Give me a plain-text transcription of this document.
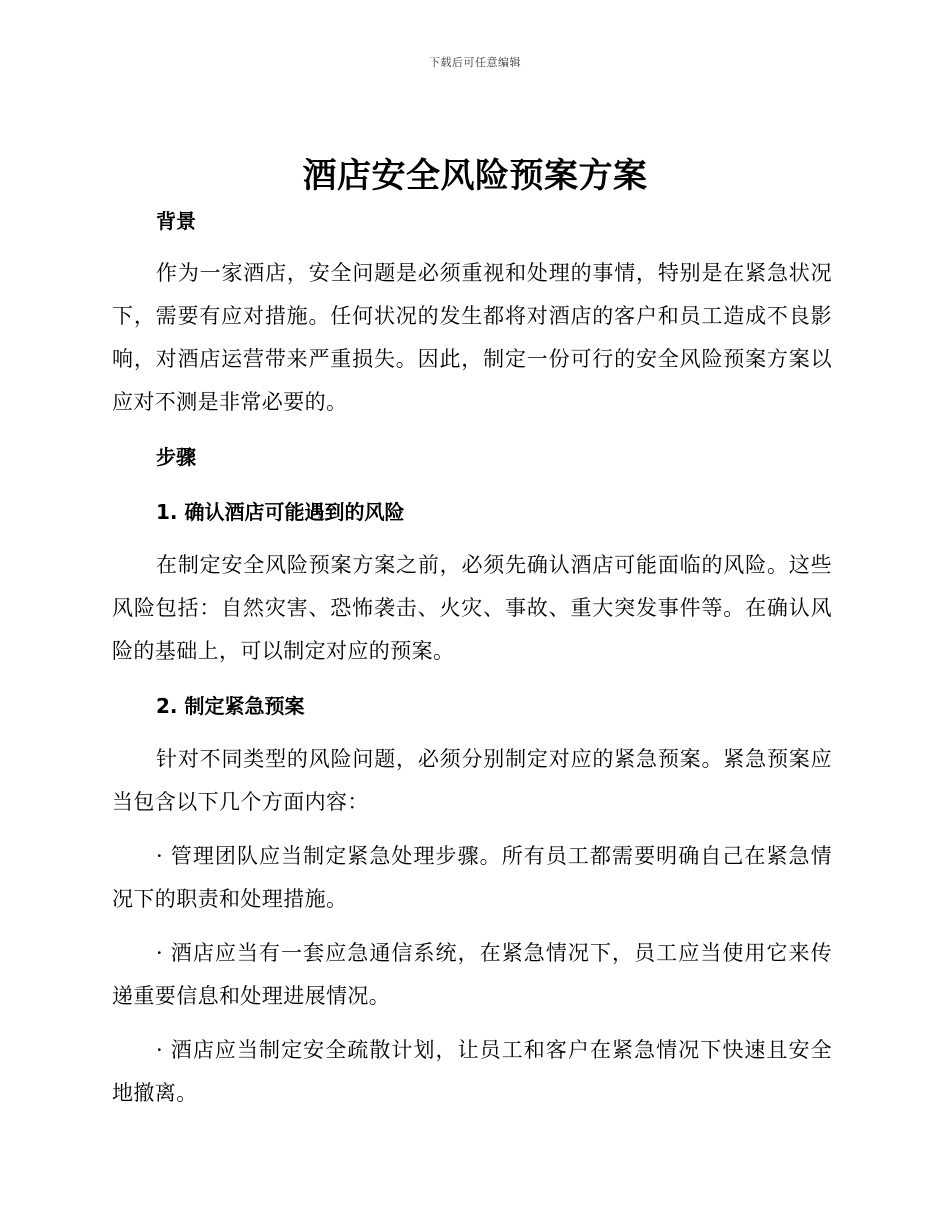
下载后可任意编辑
酒店安全风险预案方案
背景
作为一家酒店，安全问题是必须重视和处理的事情，特别是在紧急状况下，需要有应对措施。任何状况的发生都将对酒店的客户和员工造成不良影响，对酒店运营带来严重损失。因此，制定一份可行的安全风险预案方案以应对不测是非常必要的。
步骤
1. 确认酒店可能遇到的风险
在制定安全风险预案方案之前，必须先确认酒店可能面临的风险。这些风险包括：自然灾害、恐怖袭击、火灾、事故、重大突发事件等。在确认风险的基础上，可以制定对应的预案。
2. 制定紧急预案
针对不同类型的风险问题，必须分别制定对应的紧急预案。紧急预案应当包含以下几个方面内容：
· 管理团队应当制定紧急处理步骤。所有员工都需要明确自己在紧急情况下的职责和处理措施。
· 酒店应当有一套应急通信系统，在紧急情况下，员工应当使用它来传递重要信息和处理进展情况。
· 酒店应当制定安全疏散计划，让员工和客户在紧急情况下快速且安全地撤离。
